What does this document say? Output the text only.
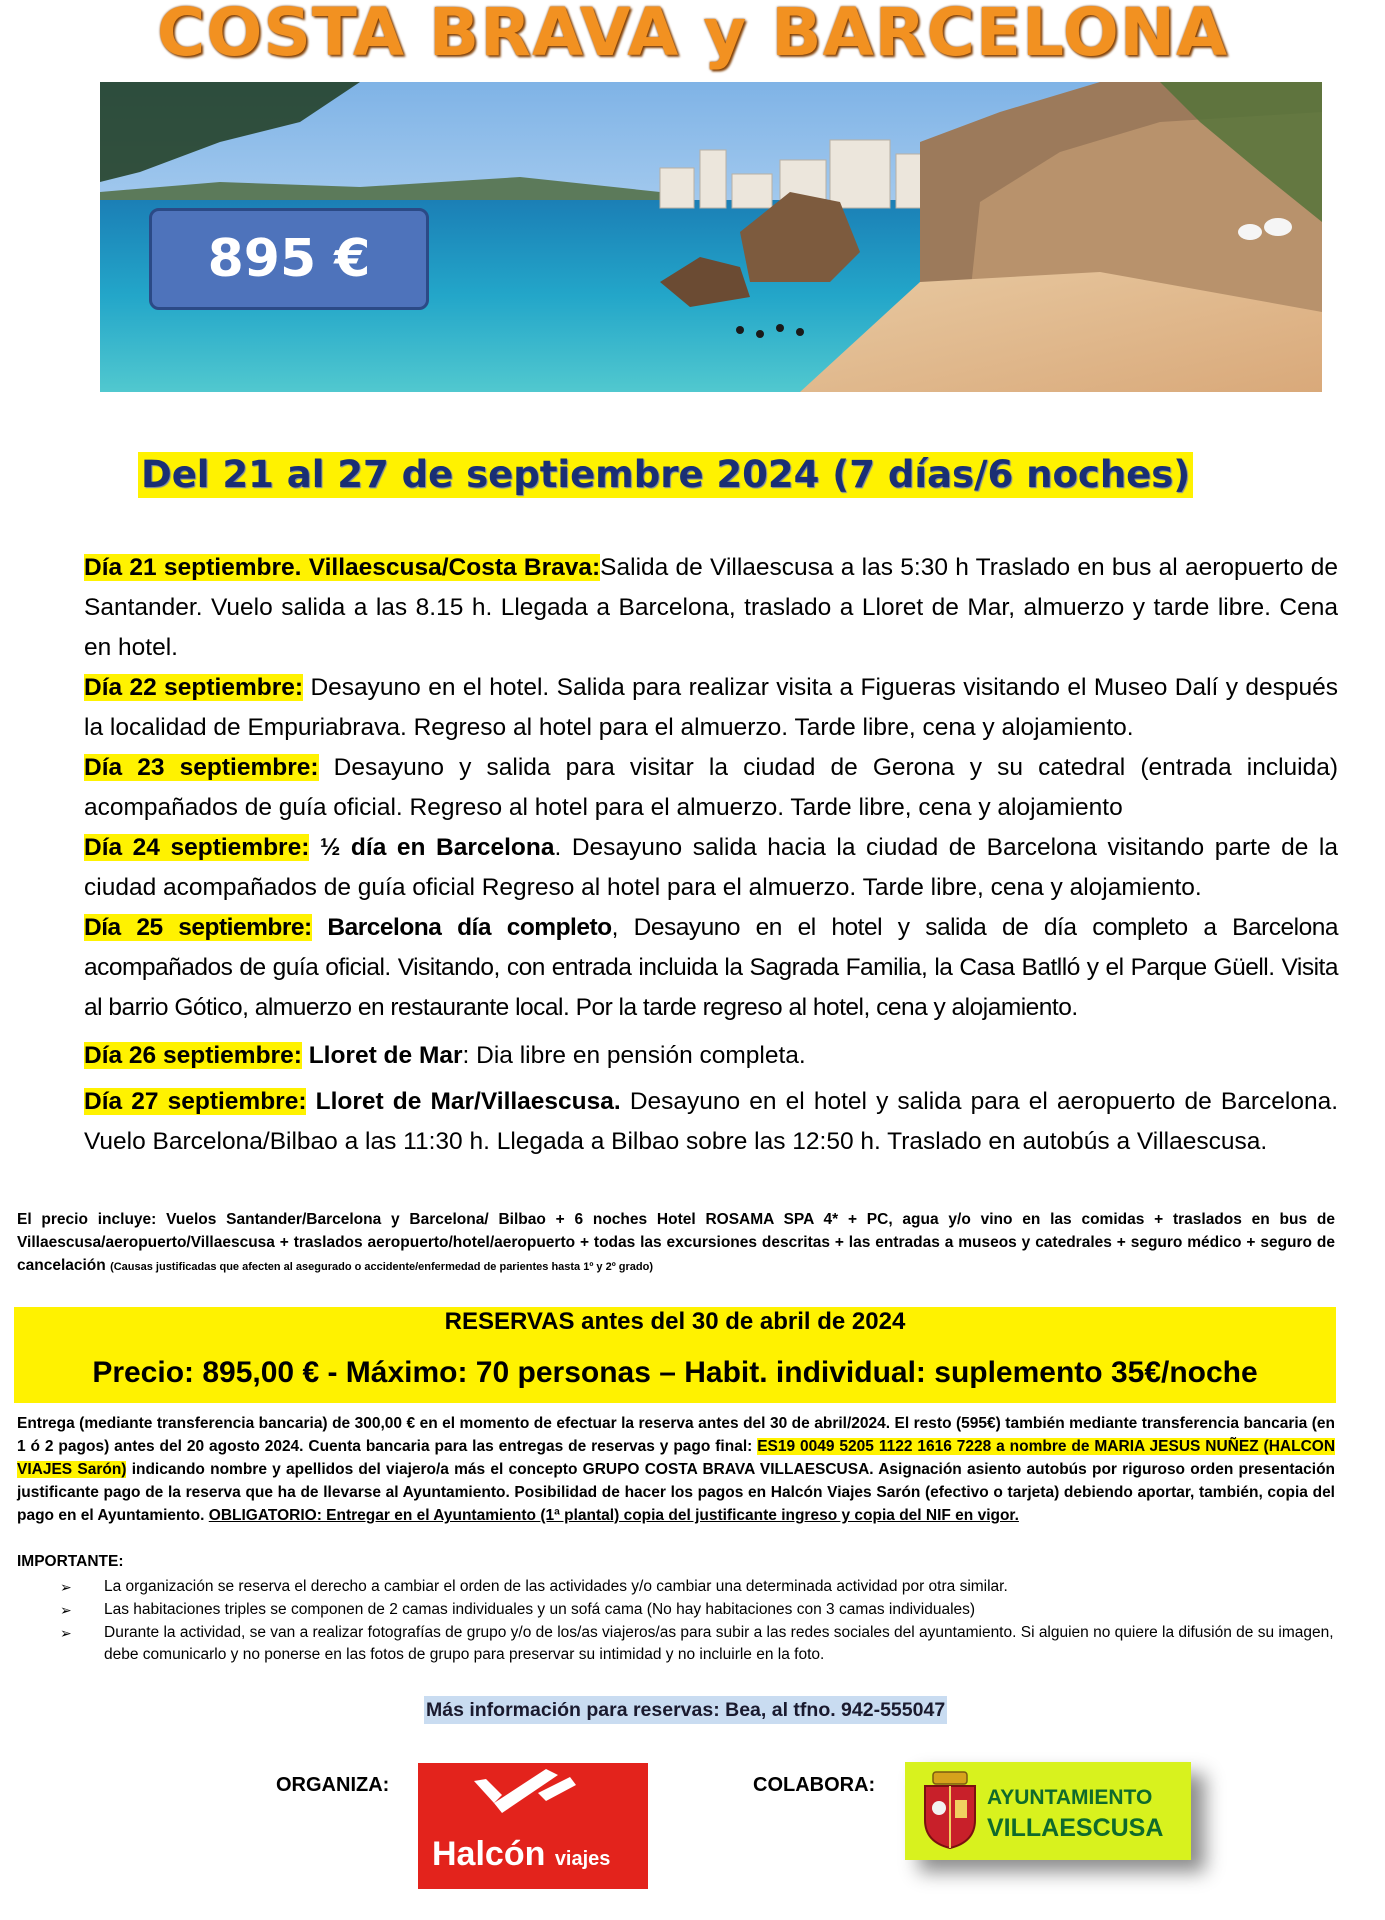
COSTA BRAVA y BARCELONA
895 €
Del 21 al 27 de septiembre 2024 (7 días/6 noches)

Día 21 septiembre. Villaescusa/Costa Brava:Salida de Villaescusa a las 5:30 h Traslado en bus al aeropuerto de Santander. Vuelo salida a las 8.15 h. Llegada a Barcelona, traslado a Lloret de Mar, almuerzo y tarde libre. Cena en hotel.

Día 22 septiembre: Desayuno en el hotel. Salida para realizar visita a Figueras visitando el Museo Dalí y después la localidad de Empuriabrava. Regreso al hotel para el almuerzo. Tarde libre, cena y alojamiento.

Día 23 septiembre: Desayuno y salida para visitar la ciudad de Gerona y su catedral (entrada incluida) acompañados de guía oficial. Regreso al hotel para el almuerzo. Tarde libre, cena y alojamiento

Día 24 septiembre: ½ día en Barcelona. Desayuno salida hacia la ciudad de Barcelona visitando parte de la ciudad acompañados de guía oficial Regreso al hotel para el almuerzo. Tarde libre, cena y alojamiento.

Día 25 septiembre: Barcelona día completo, Desayuno en el hotel y salida de día completo a Barcelona acompañados de guía oficial. Visitando, con entrada incluida la Sagrada Familia, la Casa Batlló y el Parque Güell. Visita al barrio Gótico, almuerzo en restaurante local. Por la tarde regreso al hotel, cena y alojamiento.

Día 26 septiembre: Lloret de Mar: Dia libre en pensión completa.

Día 27 septiembre: Lloret de Mar/Villaescusa. Desayuno en el hotel y salida para el aeropuerto de Barcelona. Vuelo Barcelona/Bilbao a las 11:30 h. Llegada a Bilbao sobre las 12:50 h. Traslado en autobús a Villaescusa.

El precio incluye: Vuelos Santander/Barcelona y Barcelona/ Bilbao + 6 noches Hotel ROSAMA SPA 4* + PC, agua y/o vino en las comidas + traslados en bus de Villaescusa/aeropuerto/Villaescusa + traslados aeropuerto/hotel/aeropuerto + todas las excursiones descritas + las entradas a museos y catedrales + seguro médico + seguro de cancelación (Causas justificadas que afecten al asegurado o accidente/enfermedad de parientes hasta 1º y 2º grado)
RESERVAS antes del 30 de abril de 2024
Precio: 895,00 € - Máximo: 70 personas – Habit. individual: suplemento 35€/noche
Entrega (mediante transferencia bancaria) de 300,00 € en el momento de efectuar la reserva antes del 30 de abril/2024. El resto (595€) también mediante transferencia bancaria (en 1 ó 2 pagos) antes del 20 agosto 2024. Cuenta bancaria para las entregas de reservas y pago final: ES19 0049 5205 1122 1616 7228 a nombre de MARIA JESUS NUÑEZ (HALCON VIAJES Sarón) indicando nombre y apellidos del viajero/a más el concepto GRUPO COSTA BRAVA VILLAESCUSA. Asignación asiento autobús por riguroso orden presentación justificante pago de la reserva que ha de llevarse al Ayuntamiento. Posibilidad de hacer los pagos en Halcón Viajes Sarón (efectivo o tarjeta) debiendo aportar, también, copia del pago en el Ayuntamiento. OBLIGATORIO: Entregar en el Ayuntamiento (1ª plantal) copia del justificante ingreso y copia del NIF en vigor.
IMPORTANTE:
➢	La organización se reserva el derecho a cambiar el orden de las actividades y/o cambiar una determinada actividad por otra similar.
➢	Las habitaciones triples se componen de 2 camas individuales y un sofá cama (No hay habitaciones con 3 camas individuales)
➢	Durante la actividad, se van a realizar fotografías de grupo y/o de los/as viajeros/as para subir a las redes sociales del ayuntamiento. Si alguien no quiere la difusión de su imagen, debe comunicarlo y no ponerse en las fotos de grupo para preservar su intimidad y no incluirle en la foto.
Más información para reservas: Bea, al tfno. 942-555047
ORGANIZA:	COLABORA:
Halcón viajes
AYUNTAMIENTO
VILLAESCUSA
